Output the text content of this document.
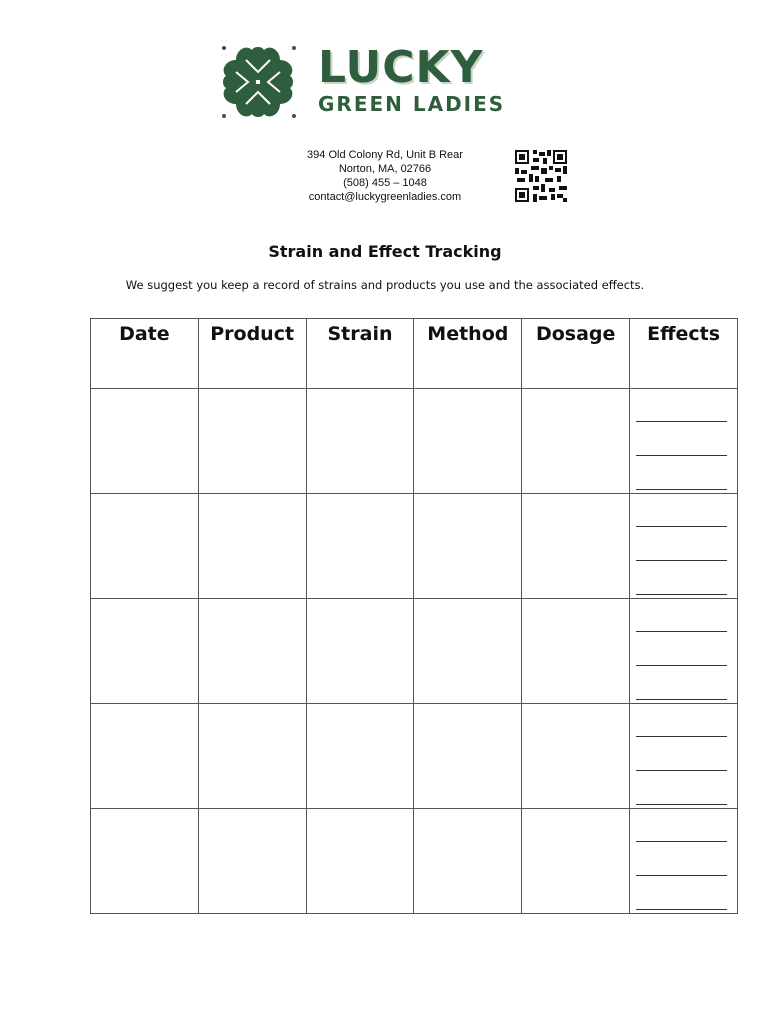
LUCKY
GREEN LADIES
394 Old Colony Rd, Unit B Rear
Norton, MA, 02766
(508) 455 – 1048
contact@luckygreenladies.com
Strain and Effect Tracking
We suggest you keep a record of strains and products you use and the associated effects.
Date	Product	Strain	Method	Dosage	Effects
